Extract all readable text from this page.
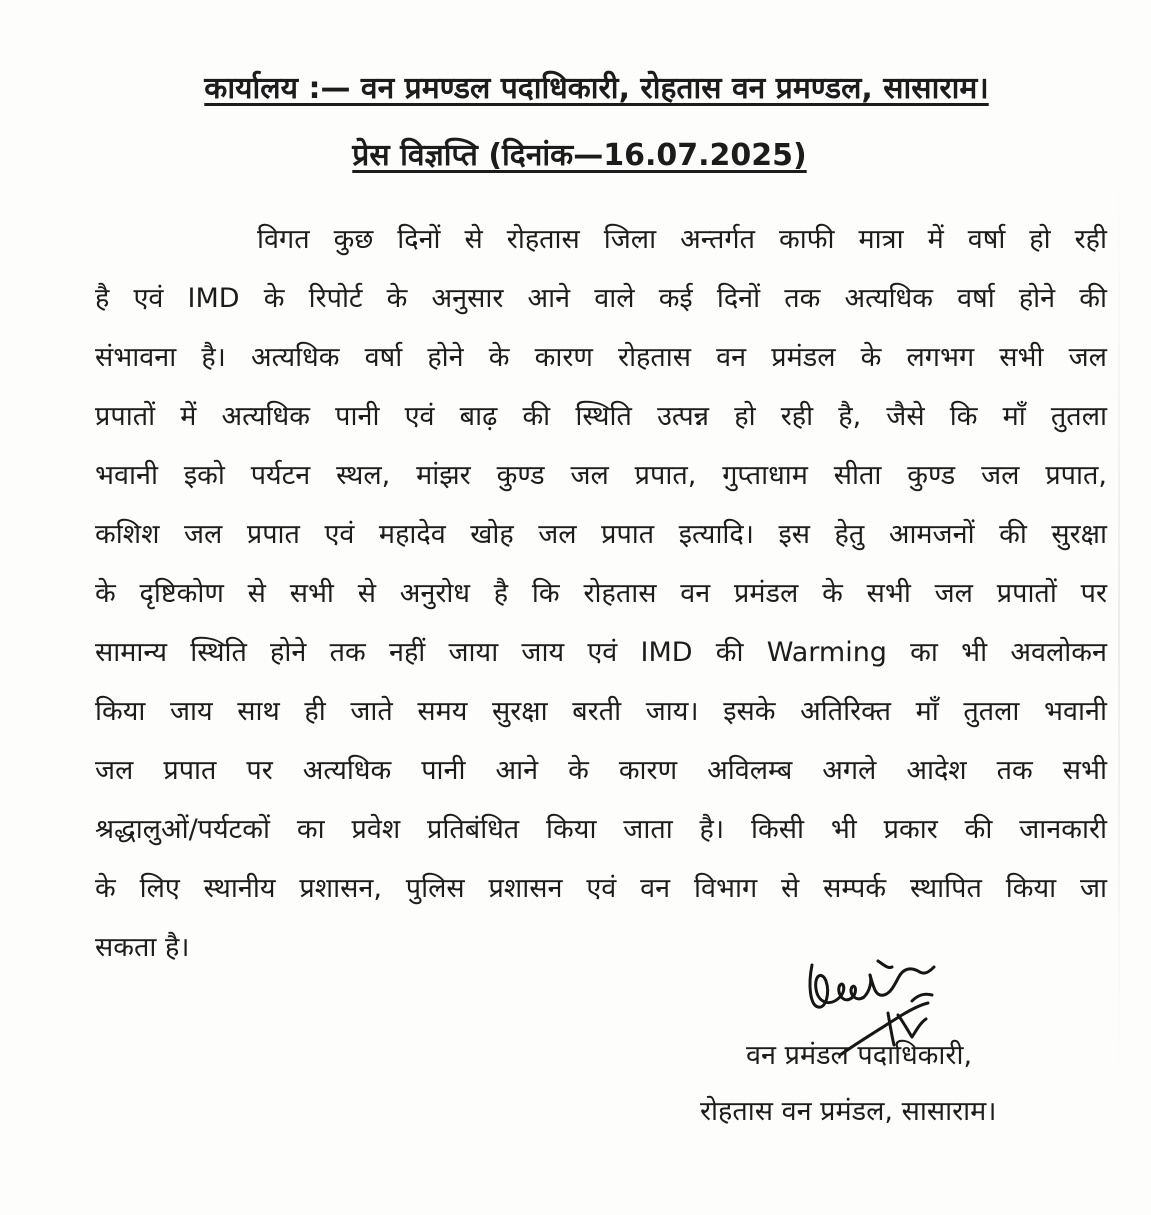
कार्यालय :— वन प्रमण्डल पदाधिकारी, रोहतास वन प्रमण्डल, सासाराम।
प्रेस विज्ञप्ति (दिनांक—16.07.2025)
विगत कुछ दिनों से रोहतास जिला अन्तर्गत काफी मात्रा में वर्षा हो रही
है एवं IMD के रिपोर्ट के अनुसार आने वाले कई दिनों तक अत्यधिक वर्षा होने की
संभावना है। अत्यधिक वर्षा होने के कारण रोहतास वन प्रमंडल के लगभग सभी जल
प्रपातों में अत्यधिक पानी एवं बाढ़ की स्थिति उत्पन्न हो रही है, जैसे कि माँ तुतला
भवानी इको पर्यटन स्थल, मांझर कुण्ड जल प्रपात, गुप्ताधाम सीता कुण्ड जल प्रपात,
कशिश जल प्रपात एवं महादेव खोह जल प्रपात इत्यादि। इस हेतु आमजनों की सुरक्षा
के दृष्टिकोण से सभी से अनुरोध है कि रोहतास वन प्रमंडल के सभी जल प्रपातों पर
सामान्य स्थिति होने तक नहीं जाया जाय एवं IMD की Warming का भी अवलोकन
किया जाय साथ ही जाते समय सुरक्षा बरती जाय। इसके अतिरिक्त माँ तुतला भवानी
जल प्रपात पर अत्यधिक पानी आने के कारण अविलम्ब अगले आदेश तक सभी
श्रद्धालुओं/पर्यटकों का प्रवेश प्रतिबंधित किया जाता है। किसी भी प्रकार की जानकारी
के लिए स्थानीय प्रशासन, पुलिस प्रशासन एवं वन विभाग से सम्पर्क स्थापित किया जा
सकता है।
वन प्रमंडल पदाधिकारी,
रोहतास वन प्रमंडल, सासाराम।
